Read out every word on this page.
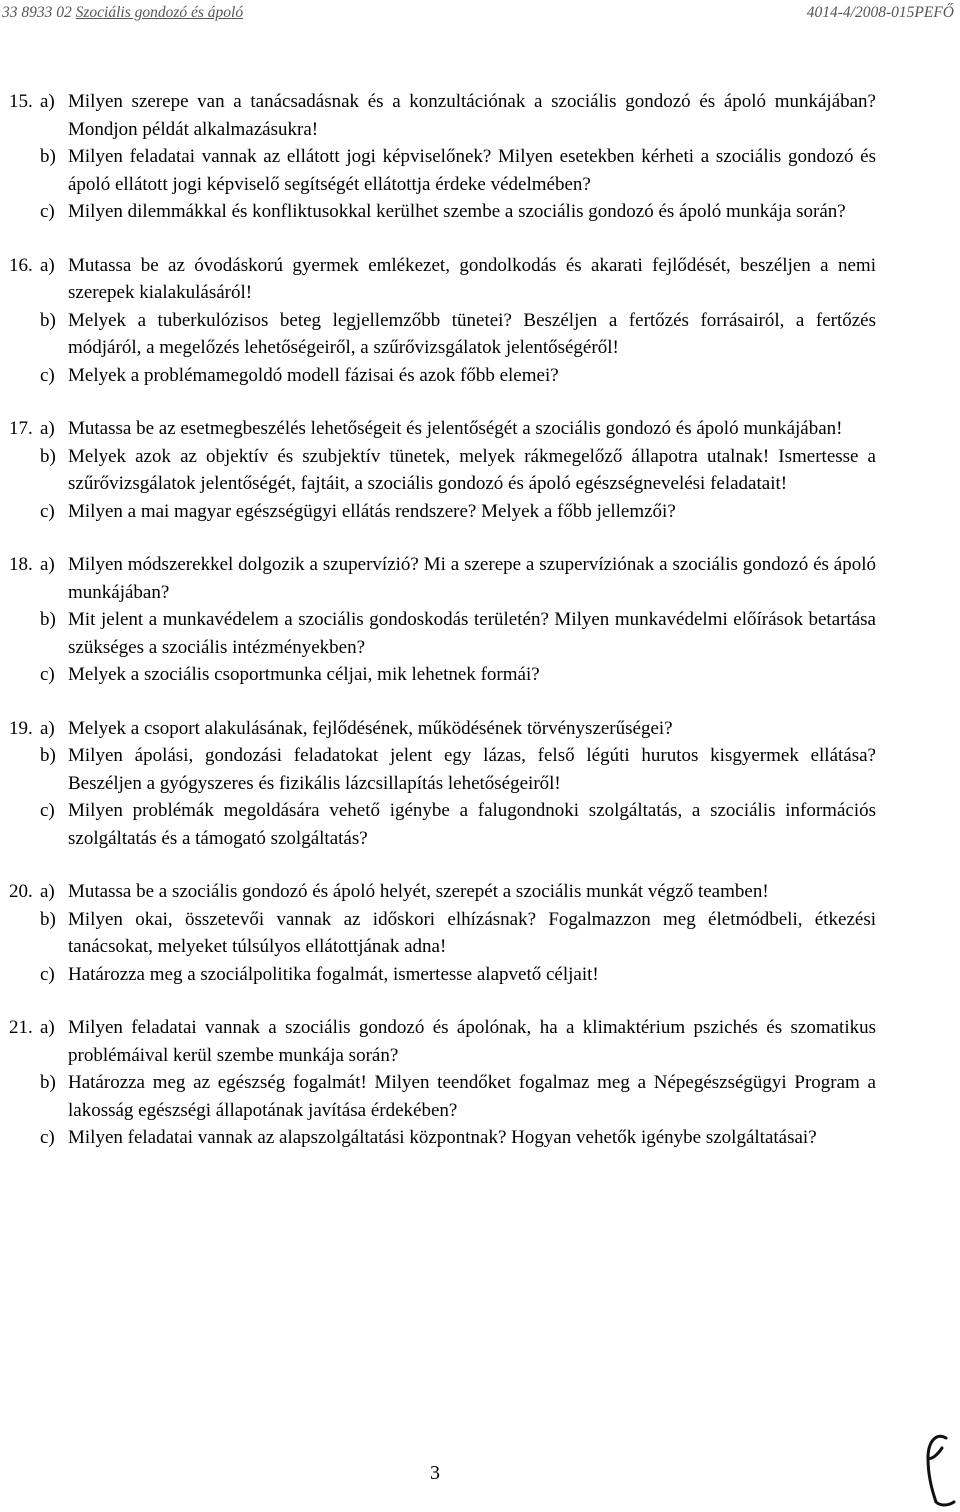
33 8933 02 Szociális gondozó és ápoló	4014-4/2008-015PEFŐ
15. a) Milyen szerepe van a tanácsadásnak és a konzultációnak a szociális gondozó és ápoló munkájában? Mondjon példát alkalmazásukra!
b) Milyen feladatai vannak az ellátott jogi képviselőnek? Milyen esetekben kérheti a szociális gondozó és ápoló ellátott jogi képviselő segítségét ellátottja érdeke védelmében?
c) Milyen dilemmákkal és konfliktusokkal kerülhet szembe a szociális gondozó és ápoló munkája során?
16. a) Mutassa be az óvodáskorú gyermek emlékezet, gondolkodás és akarati fejlődését, beszéljen a nemi szerepek kialakulásáról!
b) Melyek a tuberkulózisos beteg legjellemzőbb tünetei? Beszéljen a fertőzés forrásairól, a fertőzés módjáról, a megelőzés lehetőségeiről, a szűrővizsgálatok jelentőségéről!
c) Melyek a problémamegoldó modell fázisai és azok főbb elemei?
17. a) Mutassa be az esetmegbeszélés lehetőségeit és jelentőségét a szociális gondozó és ápoló munkájában!
b) Melyek azok az objektív és szubjektív tünetek, melyek rákmegelőző állapotra utalnak! Ismertesse a szűrővizsgálatok jelentőségét, fajtáit, a szociális gondozó és ápoló egészségnevelési feladatait!
c) Milyen a mai magyar egészségügyi ellátás rendszere? Melyek a főbb jellemzői?
18. a) Milyen módszerekkel dolgozik a szupervízió? Mi a szerepe a szupervíziónak a szociális gondozó és ápoló munkájában?
b) Mit jelent a munkavédelem a szociális gondoskodás területén? Milyen munkavédelmi előírások betartása szükséges a szociális intézményekben?
c) Melyek a szociális csoportmunka céljai, mik lehetnek formái?
19. a) Melyek a csoport alakulásának, fejlődésének, működésének törvényszerűségei?
b) Milyen ápolási, gondozási feladatokat jelent egy lázas, felső légúti hurutos kisgyermek ellátása? Beszéljen a gyógyszeres és fizikális lázcsillapítás lehetőségeiről!
c) Milyen problémák megoldására vehető igénybe a falugondnoki szolgáltatás, a szociális információs szolgáltatás és a támogató szolgáltatás?
20. a) Mutassa be a szociális gondozó és ápoló helyét, szerepét a szociális munkát végző teamben!
b) Milyen okai, összetevői vannak az időskori elhízásnak? Fogalmazzon meg életmódbeli, étkezési tanácsokat, melyeket túlsúlyos ellátottjának adna!
c) Határozza meg a szociálpolitika fogalmát, ismertesse alapvető céljait!
21. a) Milyen feladatai vannak a szociális gondozó és ápolónak, ha a klimaktérium pszichés és szomatikus problémáival kerül szembe munkája során?
b) Határozza meg az egészség fogalmát! Milyen teendőket fogalmaz meg a Népegészségügyi Program a lakosság egészségi állapotának javítása érdekében?
c) Milyen feladatai vannak az alapszolgáltatási központnak? Hogyan vehetők igénybe szolgáltatásai?
3
